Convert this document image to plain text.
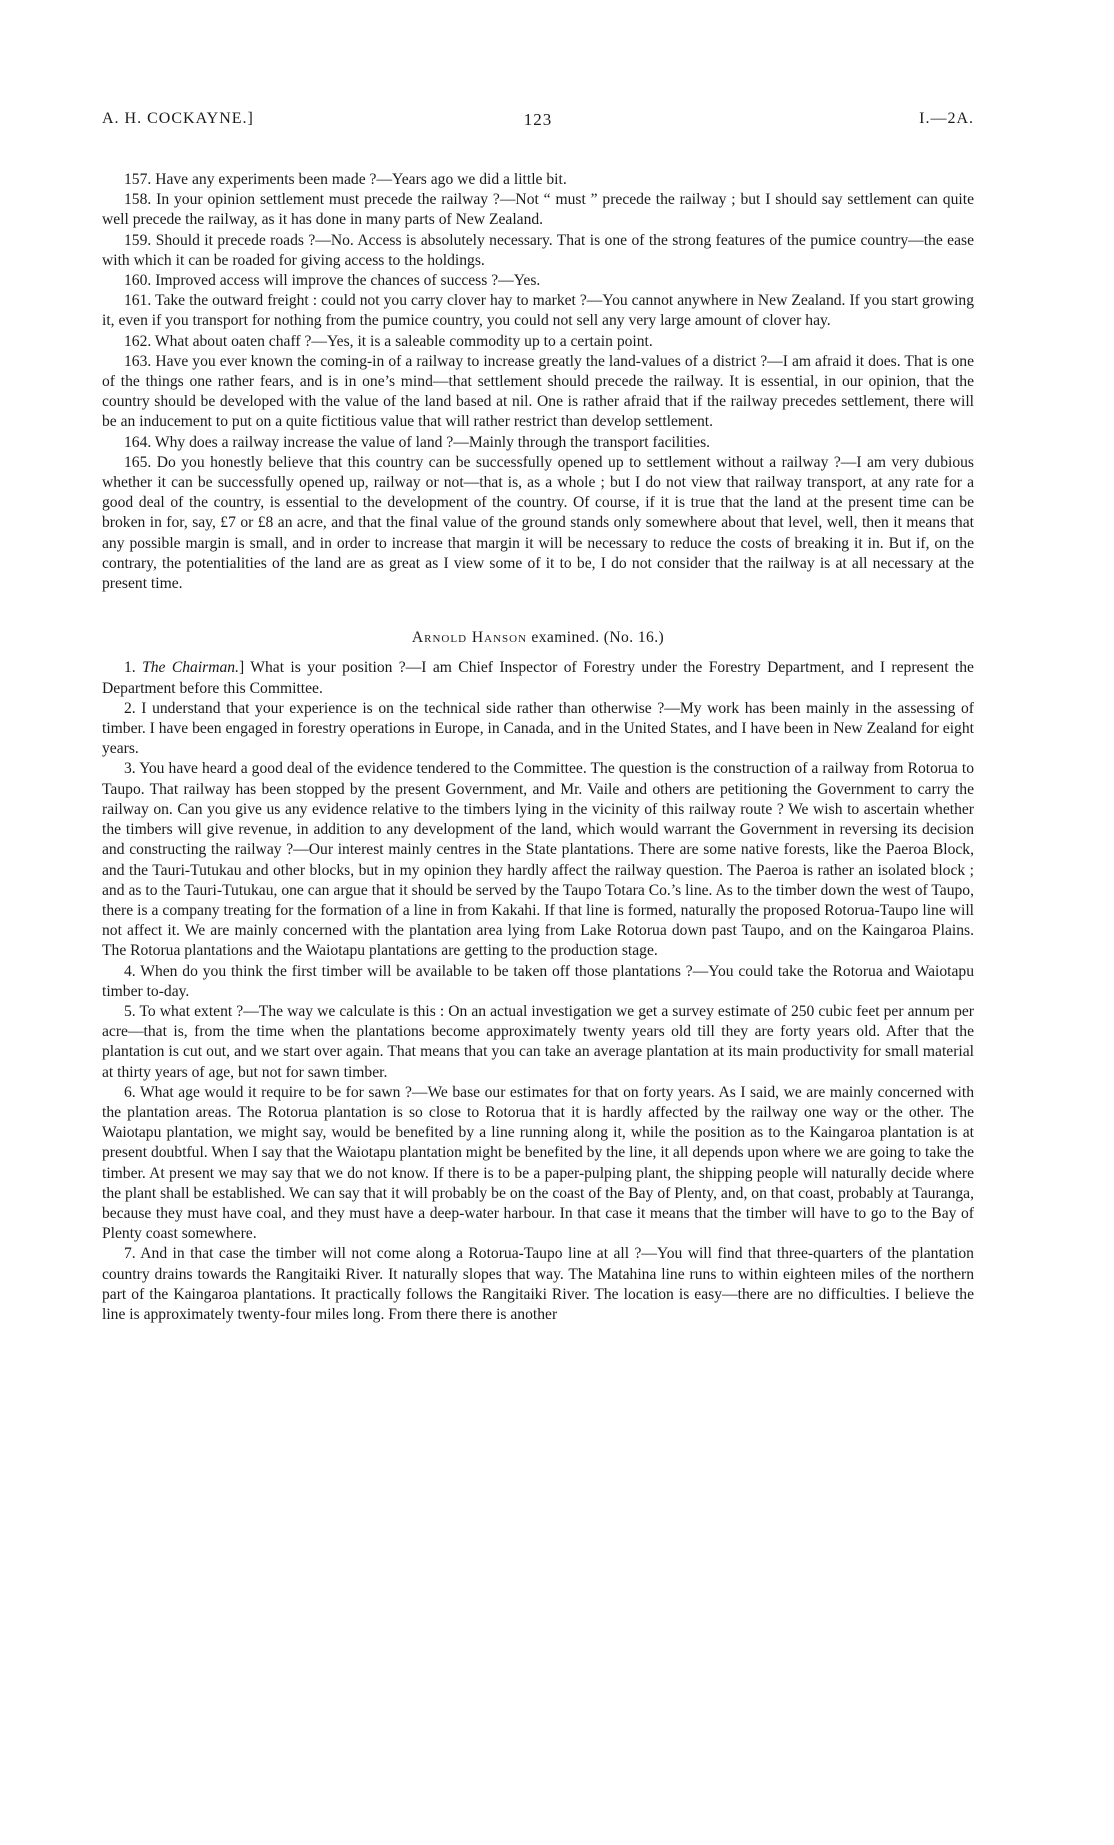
A. H. COCKAYNE.]	123	I.—2A.

157. Have any experiments been made ?—Years ago we did a little bit.

158. In your opinion settlement must precede the railway ?—Not “ must ” precede the railway ; but I should say settlement can quite well precede the railway, as it has done in many parts of New Zealand.

159. Should it precede roads ?—No. Access is absolutely necessary. That is one of the strong features of the pumice country—the ease with which it can be roaded for giving access to the holdings.

160. Improved access will improve the chances of success ?—Yes.

161. Take the outward freight : could not you carry clover hay to market ?—You cannot anywhere in New Zealand. If you start growing it, even if you transport for nothing from the pumice country, you could not sell any very large amount of clover hay.

162. What about oaten chaff ?—Yes, it is a saleable commodity up to a certain point.

163. Have you ever known the coming-in of a railway to increase greatly the land-values of a district ?—I am afraid it does. That is one of the things one rather fears, and is in one’s mind—that settlement should precede the railway. It is essential, in our opinion, that the country should be developed with the value of the land based at nil. One is rather afraid that if the railway precedes settlement, there will be an inducement to put on a quite fictitious value that will rather restrict than develop settlement.

164. Why does a railway increase the value of land ?—Mainly through the transport facilities.

165. Do you honestly believe that this country can be successfully opened up to settlement without a railway ?—I am very dubious whether it can be successfully opened up, railway or not—that is, as a whole ; but I do not view that railway transport, at any rate for a good deal of the country, is essential to the development of the country. Of course, if it is true that the land at the present time can be broken in for, say, £7 or £8 an acre, and that the final value of the ground stands only somewhere about that level, well, then it means that any possible margin is small, and in order to increase that margin it will be necessary to reduce the costs of breaking it in. But if, on the contrary, the potentialities of the land are as great as I view some of it to be, I do not consider that the railway is at all necessary at the present time.

Arnold Hanson examined. (No. 16.)

1. The Chairman.] What is your position ?—I am Chief Inspector of Forestry under the Forestry Department, and I represent the Department before this Committee.

2. I understand that your experience is on the technical side rather than otherwise ?—My work has been mainly in the assessing of timber. I have been engaged in forestry operations in Europe, in Canada, and in the United States, and I have been in New Zealand for eight years.

3. You have heard a good deal of the evidence tendered to the Committee. The question is the construction of a railway from Rotorua to Taupo. That railway has been stopped by the present Government, and Mr. Vaile and others are petitioning the Government to carry the railway on. Can you give us any evidence relative to the timbers lying in the vicinity of this railway route ? We wish to ascertain whether the timbers will give revenue, in addition to any development of the land, which would warrant the Government in reversing its decision and constructing the railway ?—Our interest mainly centres in the State plantations. There are some native forests, like the Paeroa Block, and the Tauri-Tutukau and other blocks, but in my opinion they hardly affect the railway question. The Paeroa is rather an isolated block ; and as to the Tauri-Tutukau, one can argue that it should be served by the Taupo Totara Co.’s line. As to the timber down the west of Taupo, there is a company treating for the formation of a line in from Kakahi. If that line is formed, naturally the proposed Rotorua-Taupo line will not affect it. We are mainly concerned with the plantation area lying from Lake Rotorua down past Taupo, and on the Kaingaroa Plains. The Rotorua plantations and the Waiotapu plantations are getting to the production stage.

4. When do you think the first timber will be available to be taken off those plantations ?—You could take the Rotorua and Waiotapu timber to-day.

5. To what extent ?—The way we calculate is this : On an actual investigation we get a survey estimate of 250 cubic feet per annum per acre—that is, from the time when the plantations become approximately twenty years old till they are forty years old. After that the plantation is cut out, and we start over again. That means that you can take an average plantation at its main productivity for small material at thirty years of age, but not for sawn timber.

6. What age would it require to be for sawn ?—We base our estimates for that on forty years. As I said, we are mainly concerned with the plantation areas. The Rotorua plantation is so close to Rotorua that it is hardly affected by the railway one way or the other. The Waiotapu plantation, we might say, would be benefited by a line running along it, while the position as to the Kaingaroa plantation is at present doubtful. When I say that the Waiotapu plantation might be benefited by the line, it all depends upon where we are going to take the timber. At present we may say that we do not know. If there is to be a paper-pulping plant, the shipping people will naturally decide where the plant shall be established. We can say that it will probably be on the coast of the Bay of Plenty, and, on that coast, probably at Tauranga, because they must have coal, and they must have a deep-water harbour. In that case it means that the timber will have to go to the Bay of Plenty coast somewhere.

7. And in that case the timber will not come along a Rotorua-Taupo line at all ?—You will find that three-quarters of the plantation country drains towards the Rangitaiki River. It naturally slopes that way. The Matahina line runs to within eighteen miles of the northern part of the Kaingaroa plantations. It practically follows the Rangitaiki River. The location is easy—there are no difficulties. I believe the line is approximately twenty-four miles long. From there there is another
